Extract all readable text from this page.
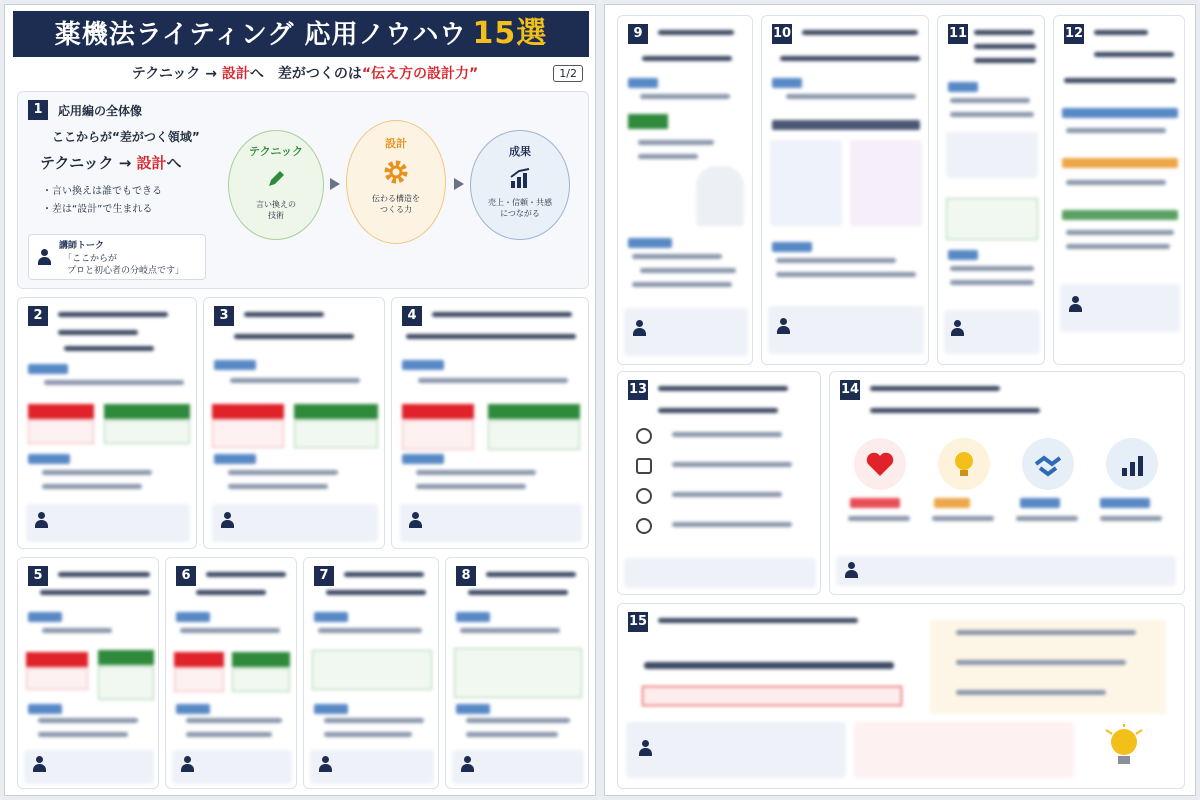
薬機法ライティング 応用ノウハウ 15選
テクニック → 設計へ　差がつくのは“伝え方の設計力”	1/2
1	応用編の全体像
ここからが“差がつく領域”
テクニック → 設計へ
・言い換えは誰でもできる
・差は“設計”で生まれる
講師トーク
「ここからが
プロと初心者の分岐点です」
テクニック
言い換えの
技術
設計
伝わる構造を
つくる力
成果
売上・信頼・共感
につながる
2	3	4
5	6	7	8
9	10	11	12
13	14
15
